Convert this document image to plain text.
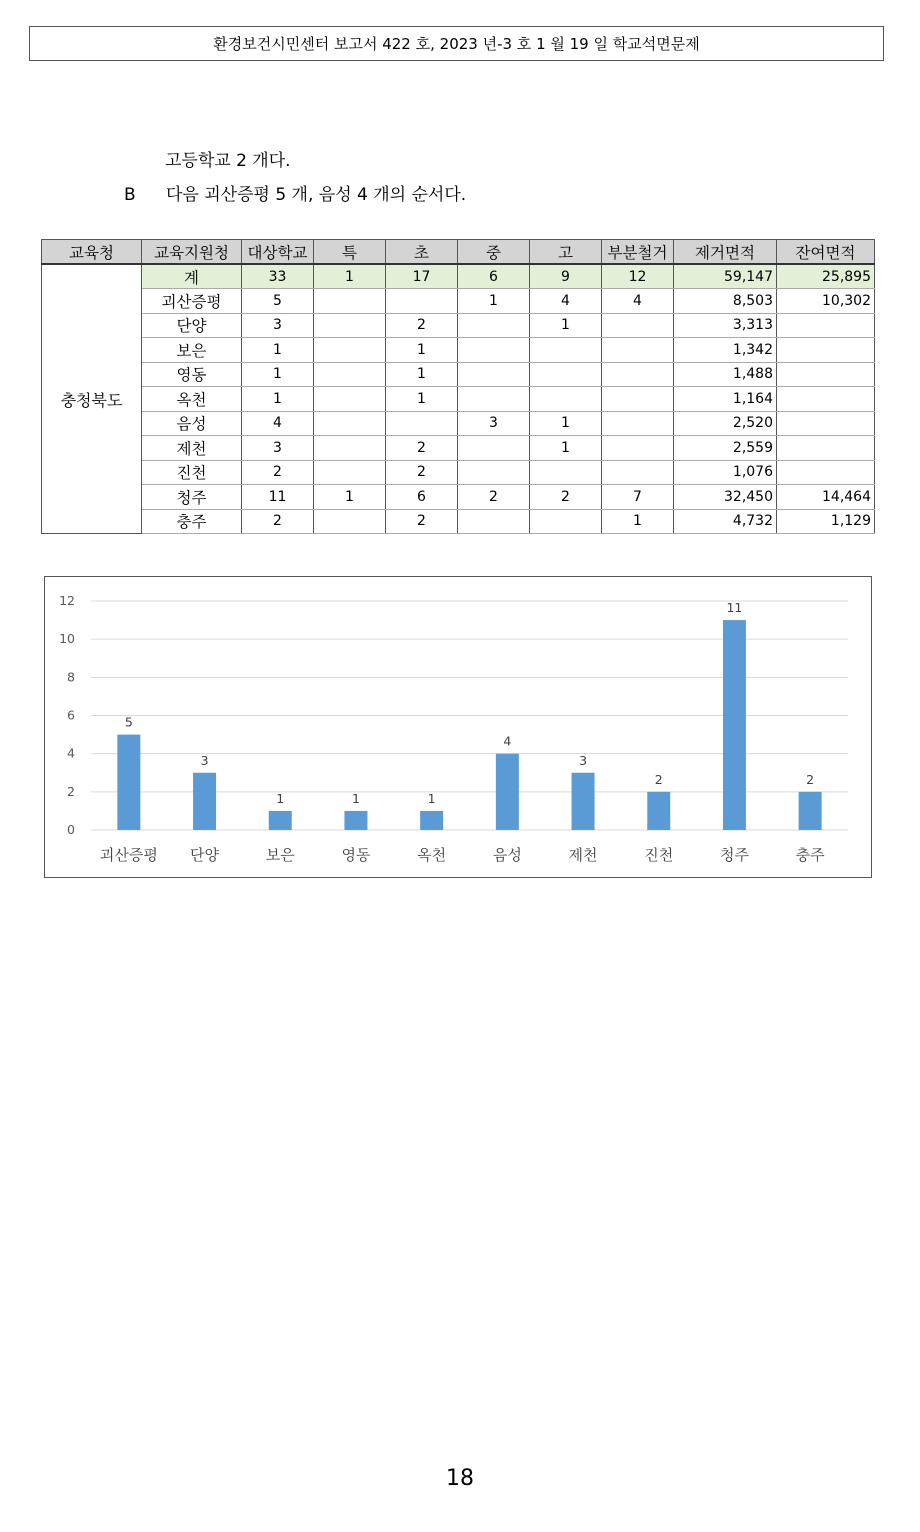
환경보건시민센터 보고서 422 호, 2023 년-3 호 1 월 19 일 학교석면문제
고등학교 2 개다.
B 다음 괴산증평 5 개, 음성 4 개의 순서다.
교육청	교육지원청	대상학교	특	초	중	고	부분철거	제거면적	잔여면적
충청북도	계	33	1	17	6	9	12	59,147	25,895
	괴산증평	5			1	4	4	8,503	10,302
	단양	3		2		1		3,313	
	보은	1		1				1,342	
	영동	1		1				1,488	
	옥천	1		1				1,164	
	음성	4			3	1		2,520	
	제천	3		2		1		2,559	
	진천	2		2				1,076	
	청주	11	1	6	2	2	7	32,450	14,464
	충주	2		2			1	4,732	1,129
0
2
4
6
8
10
12
5
괴산증평
3
단양
1
보은
1
영동
1
옥천
4
음성
3
제천
2
진천
11
청주
2
충주
18
